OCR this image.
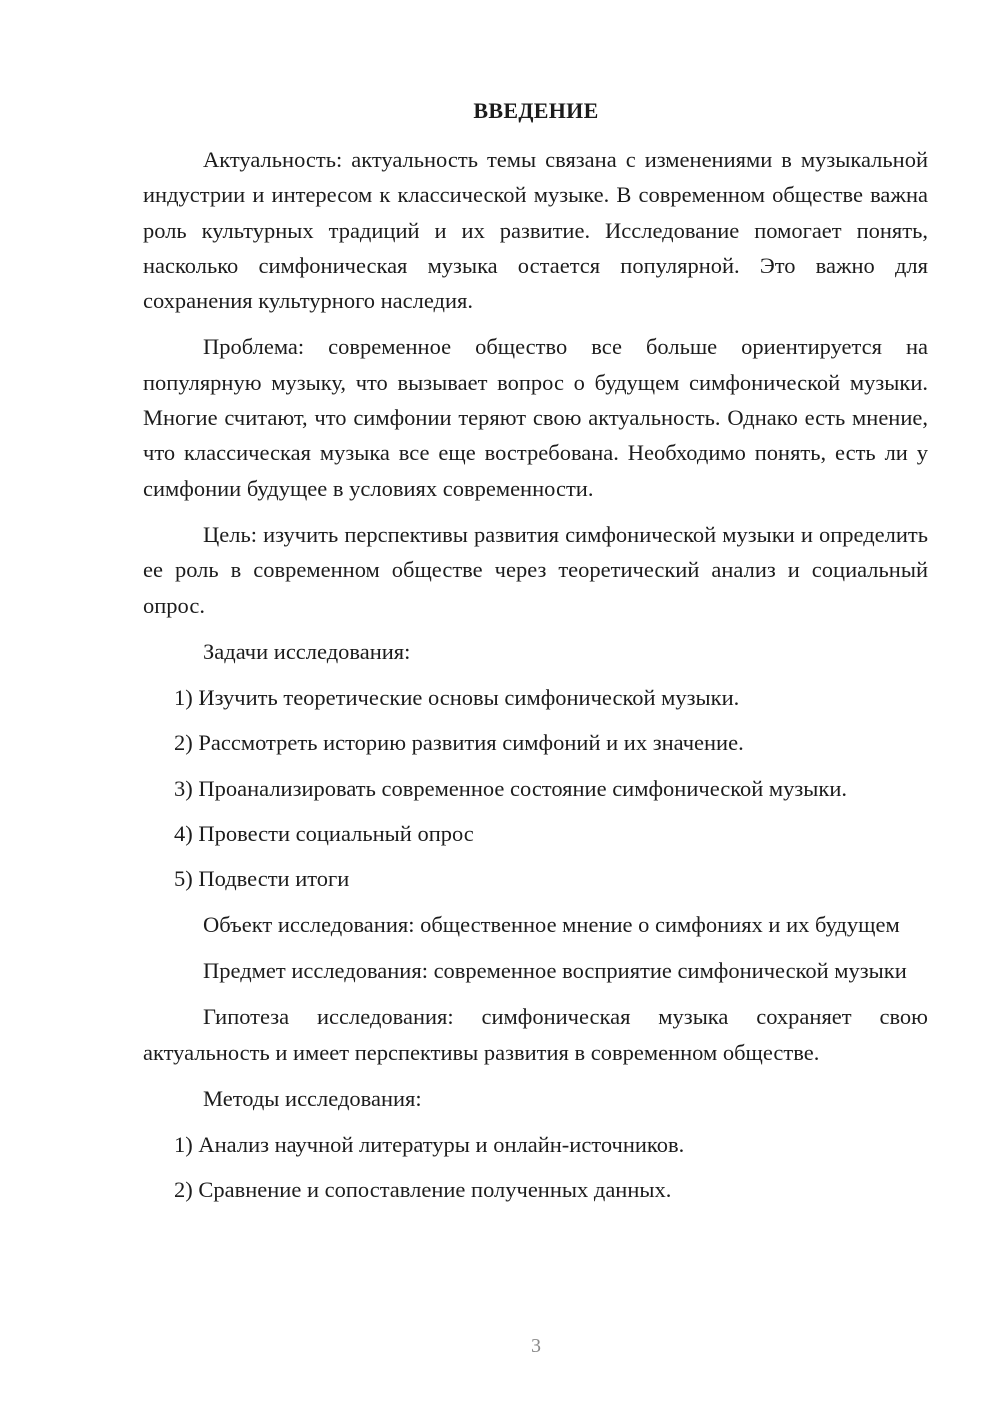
ВВЕДЕНИЕ

Актуальность: актуальность темы связана с изменениями в музыкальной индустрии и интересом к классической музыке. В современном обществе важна роль культурных традиций и их развитие. Исследование помогает понять, насколько симфоническая музыка остается популярной. Это важно для сохранения культурного наследия.

Проблема: современное общество все больше ориентируется на популярную музыку, что вызывает вопрос о будущем симфонической музыки. Многие считают, что симфонии теряют свою актуальность. Однако есть мнение, что классическая музыка все еще востребована. Необходимо понять, есть ли у симфонии будущее в условиях современности.

Цель: изучить перспективы развития симфонической музыки и определить ее роль в современном обществе через теоретический анализ и социальный опрос.

Задачи исследования:

1) Изучить теоретические основы симфонической музыки.

2) Рассмотреть историю развития симфоний и их значение.

3) Проанализировать современное состояние симфонической музыки.

4) Провести социальный опрос

5) Подвести итоги

Объект исследования: общественное мнение о симфониях и их будущем

Предмет исследования: современное восприятие симфонической музыки

Гипотеза исследования: симфоническая музыка сохраняет свою актуальность и имеет перспективы развития в современном обществе.

Методы исследования:

1) Анализ научной литературы и онлайн-источников.

2) Сравнение и сопоставление полученных данных.

3
